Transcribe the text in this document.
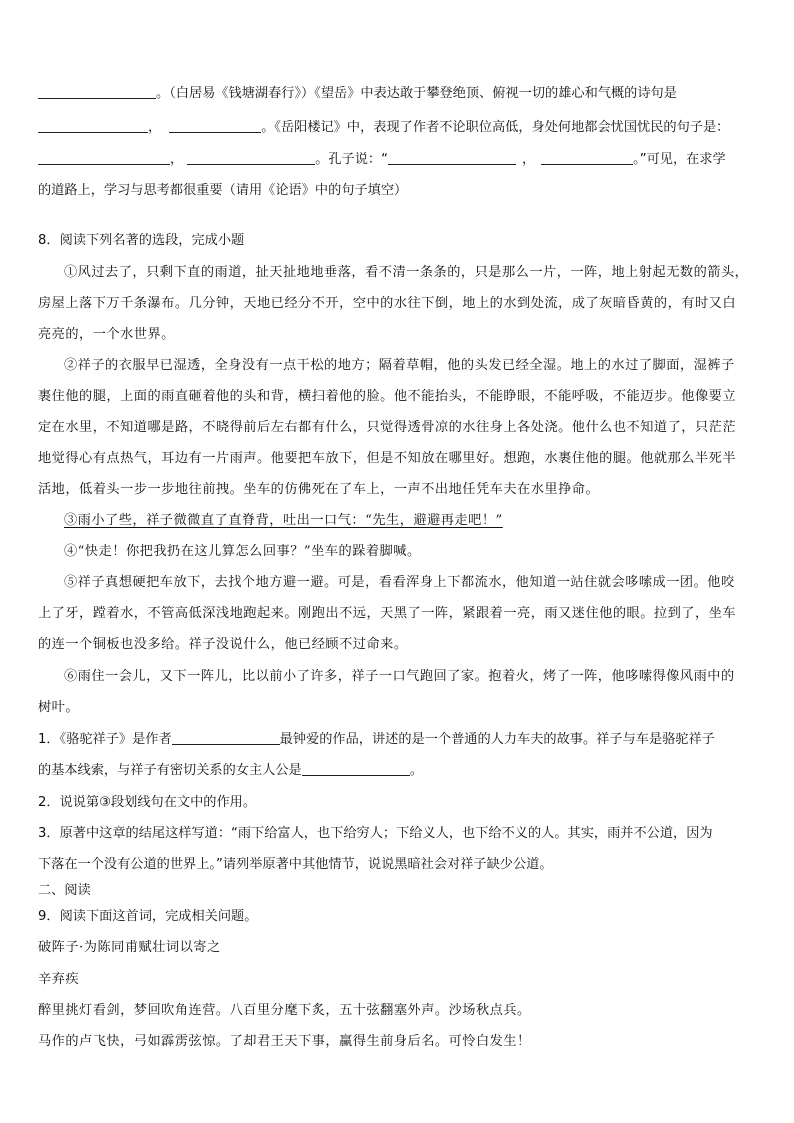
。（白居易《钱塘湖春行》）《望岳》中表达敢于攀登绝顶、俯视一切的雄心和气概的诗句是
，	。《岳阳楼记》中，表现了作者不论职位高低，身处何地都会忧国忧民的句子是：
，	。孔子说：“	，	。”可见，在求学
的道路上，学习与思考都很重要（请用《论语》中的句子填空）
8．阅读下列名著的选段，完成小题
①风过去了，只剩下直的雨道，扯天扯地地垂落，看不清一条条的，只是那么一片，一阵，地上射起无数的箭头，
房屋上落下万千条瀑布。几分钟，天地已经分不开，空中的水往下倒，地上的水到处流，成了灰暗昏黄的，有时又白
亮亮的，一个水世界。
②祥子的衣服早已湿透，全身没有一点干松的地方；隔着草帽，他的头发已经全湿。地上的水过了脚面，湿裤子
裹住他的腿，上面的雨直砸着他的头和背，横扫着他的脸。他不能抬头，不能睁眼，不能呼吸，不能迈步。他像要立
定在水里，不知道哪是路，不晓得前后左右都有什么，只觉得透骨凉的水往身上各处浇。他什么也不知道了，只茫茫
地觉得心有点热气，耳边有一片雨声。他要把车放下，但是不知放在哪里好。想跑，水裹住他的腿。他就那么半死半
活地，低着头一步一步地往前拽。坐车的仿佛死在了车上，一声不出地任凭车夫在水里挣命。
③雨小了些，祥子微微直了直脊背，吐出一口气：“先生，避避再走吧！”
④“快走！你把我扔在这儿算怎么回事？”坐车的跺着脚喊。
⑤祥子真想硬把车放下，去找个地方避一避。可是，看看浑身上下都流水，他知道一站住就会哆嗦成一团。他咬
上了牙，蹚着水，不管高低深浅地跑起来。刚跑出不远，天黑了一阵，紧跟着一亮，雨又迷住他的眼。拉到了，坐车
的连一个铜板也没多给。祥子没说什么，他已经顾不过命来。
⑥雨住一会儿，又下一阵儿，比以前小了许多，祥子一口气跑回了家。抱着火，烤了一阵，他哆嗦得像风雨中的
树叶。
1．《骆驼祥子》是作者	最钟爱的作品，讲述的是一个普通的人力车夫的故事。祥子与车是骆驼祥子
的基本线索，与祥子有密切关系的女主人公是	。
2．说说第③段划线句在文中的作用。
3．原著中这章的结尾这样写道：“雨下给富人，也下给穷人；下给义人，也下给不义的人。其实，雨并不公道，因为
下落在一个没有公道的世界上。”请列举原著中其他情节，说说黑暗社会对祥子缺少公道。
二、阅读
9．阅读下面这首词，完成相关问题。
破阵子·为陈同甫赋壮词以寄之
辛弃疾
醉里挑灯看剑，梦回吹角连营。八百里分麾下炙，五十弦翻塞外声。沙场秋点兵。
马作的卢飞快，弓如霹雳弦惊。了却君王天下事，赢得生前身后名。可怜白发生！
